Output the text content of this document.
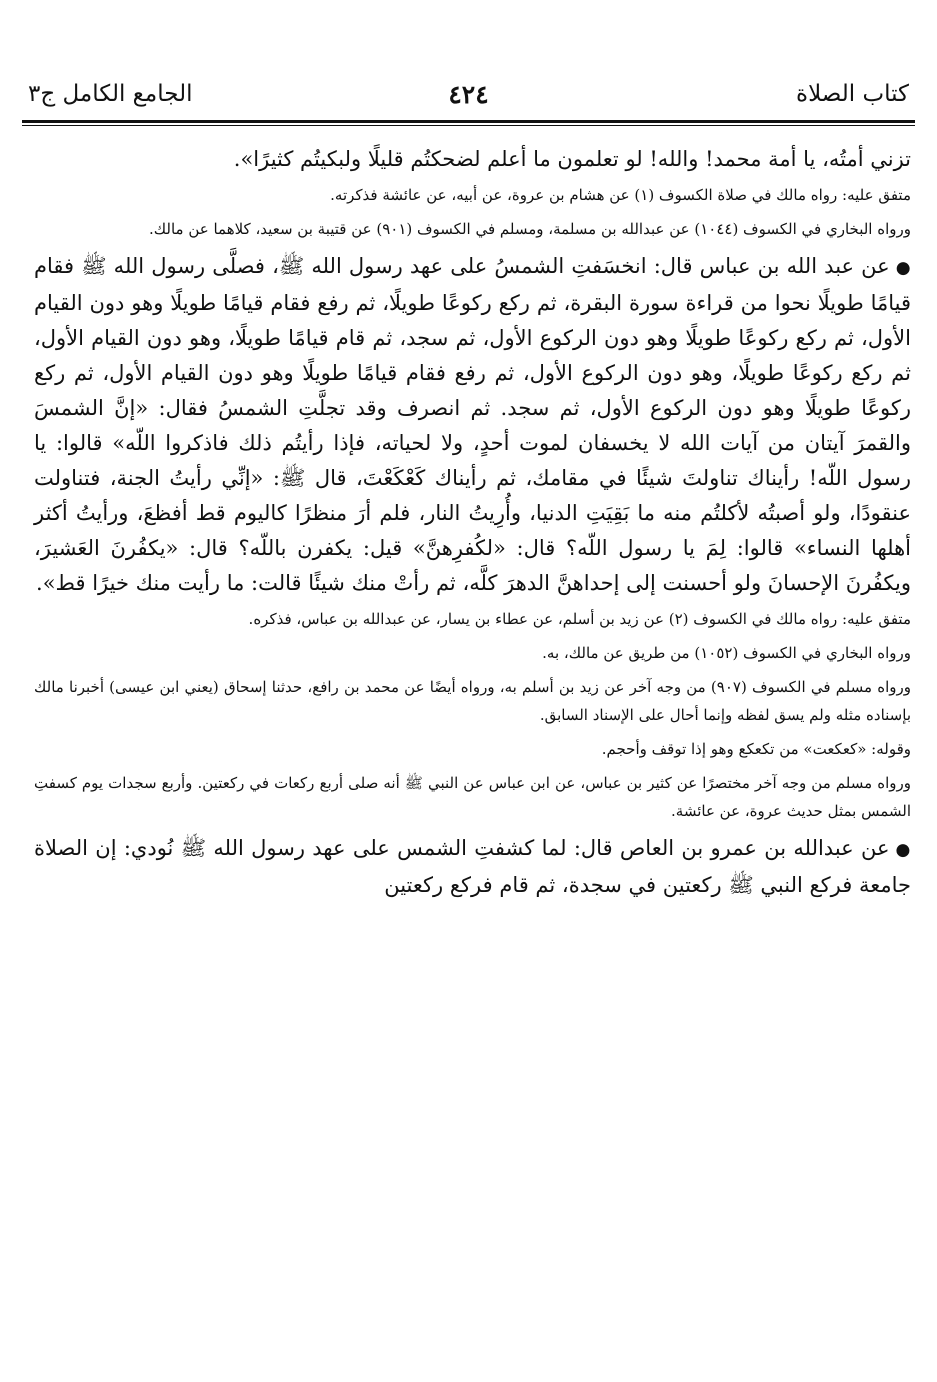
كتاب الصلاة
٤٢٤
الجامع الكامل ج٣

تزني أمتُه، يا أمة محمد! والله! لو تعلمون ما أعلم لضحكتُم قليلًا ولبكيتُم كثيرًا».

متفق عليه: رواه مالك في صلاة الكسوف (١) عن هشام بن عروة، عن أبيه، عن عائشة فذكرته.

ورواه البخاري في الكسوف (١٠٤٤) عن عبدالله بن مسلمة، ومسلم في الكسوف (٩٠١) عن قتيبة بن سعيد، كلاهما عن مالك.

●عن عبد الله بن عباس قال: انخسَفتِ الشمسُ على عهد رسول الله ﷺ، فصلَّى رسول الله ﷺ فقام قيامًا طويلًا نحوا من قراءة سورة البقرة، ثم ركع ركوعًا طويلًا، ثم رفع فقام قيامًا طويلًا وهو دون القيام الأول، ثم ركع ركوعًا طويلًا وهو دون الركوع الأول، ثم سجد، ثم قام قيامًا طويلًا، وهو دون القيام الأول، ثم ركع ركوعًا طويلًا، وهو دون الركوع الأول، ثم رفع فقام قيامًا طويلًا وهو دون القيام الأول، ثم ركع ركوعًا طويلًا وهو دون الركوع الأول، ثم سجد. ثم انصرف وقد تجلَّتِ الشمسُ فقال: «إنَّ الشمسَ والقمرَ آيتان من آيات الله لا يخسفان لموت أحدٍ، ولا لحياته، فإذا رأيتُم ذلك فاذكروا اللّه» قالوا: يا رسول اللّه! رأيناك تناولتَ شيئًا في مقامك، ثم رأيناك كَعْكَعْتَ، قال ﷺ: «إنِّي رأيتُ الجنة، فتناولت عنقودًا، ولو أصبتُه لأكلتُم منه ما بَقِيَتِ الدنيا، وأُرِيتُ النار، فلم أرَ منظرًا كاليوم قط أفظعَ، ورأيتُ أكثر أهلها النساء» قالوا: لِمَ يا رسول اللّه؟ قال: «لكُفرِهنَّ» قيل: يكفرن باللّه؟ قال: «يكفُرنَ العَشيرَ، ويكفُرنَ الإحسانَ ولو أحسنت إلى إحداهنَّ الدهرَ كلَّه، ثم رأتْ منك شيئًا قالت: ما رأيت منك خيرًا قط».

متفق عليه: رواه مالك في الكسوف (٢) عن زيد بن أسلم، عن عطاء بن يسار، عن عبدالله بن عباس، فذكره.

ورواه البخاري في الكسوف (١٠٥٢) من طريق عن مالك، به.

ورواه مسلم في الكسوف (٩٠٧) من وجه آخر عن زيد بن أسلم به، ورواه أيضًا عن محمد بن رافع، حدثنا إسحاق (يعني ابن عيسى) أخبرنا مالك بإسناده مثله ولم يسق لفظه وإنما أحال على الإسناد السابق.

وقوله: «كعكعت» من تكعكع وهو إذا توقف وأحجم.

ورواه مسلم من وجه آخر مختصرًا عن كثير بن عباس، عن ابن عباس عن النبي ﷺ أنه صلى أربع ركعات في ركعتين. وأربع سجدات يوم كسفتِ الشمس بمثل حديث عروة، عن عائشة.

●عن عبدالله بن عمرو بن العاص قال: لما كشفتِ الشمس على عهد رسول الله ﷺ نُودي: إن الصلاة جامعة فركع النبي ﷺ ركعتين في سجدة، ثم قام فركع ركعتين
